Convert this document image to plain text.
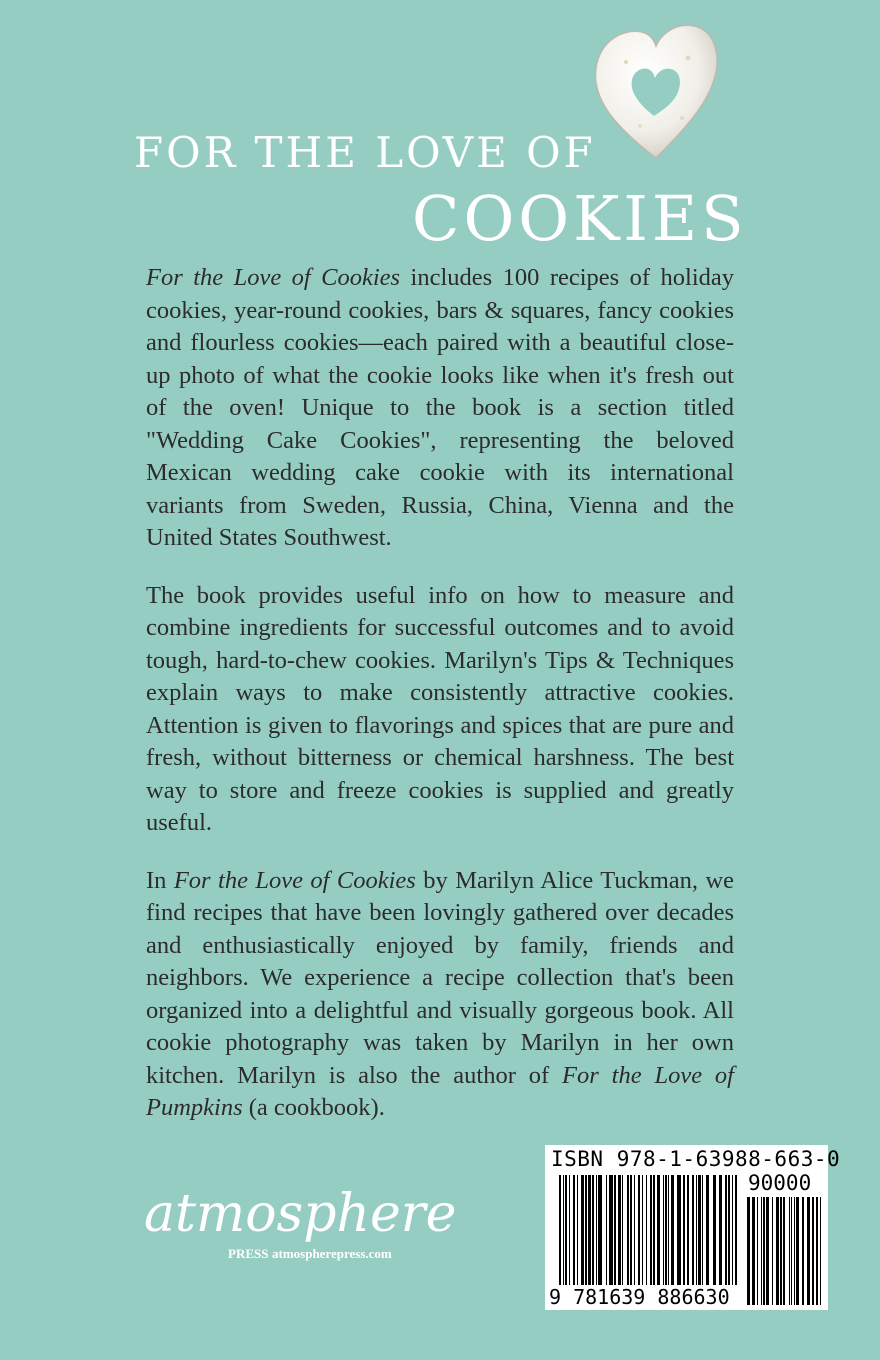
FOR THE LOVE OF
COOKIES

For the Love of Cookies includes 100 recipes of holiday cookies, year-round cookies, bars & squares, fancy cookies and flourless cookies—each paired with a beautiful close-up photo of what the cookie looks like when it's fresh out of the oven! Unique to the book is a section titled "Wedding Cake Cookies", representing the beloved Mexican wedding cake cookie with its international variants from Sweden, Russia, China, Vienna and the United States Southwest.

The book provides useful info on how to measure and combine ingredients for successful outcomes and to avoid tough, hard-to-chew cookies. Marilyn's Tips & Techniques explain ways to make consistently attractive cookies. Attention is given to flavorings and spices that are pure and fresh, without bitterness or chemical harshness. The best way to store and freeze cookies is supplied and greatly useful.

In For the Love of Cookies by Marilyn Alice Tuckman, we find recipes that have been lovingly gathered over decades and enthusiastically enjoyed by family, friends and neighbors. We experience a recipe collection that's been organized into a delightful and visually gorgeous book. All cookie photography was taken by Marilyn in her own kitchen. Marilyn is also the author of For the Love of Pumpkins (a cookbook).

atmosphere
PRESS atmospherepress.com
ISBN 978-1-63988-663-0
90000
9 781639 886630
